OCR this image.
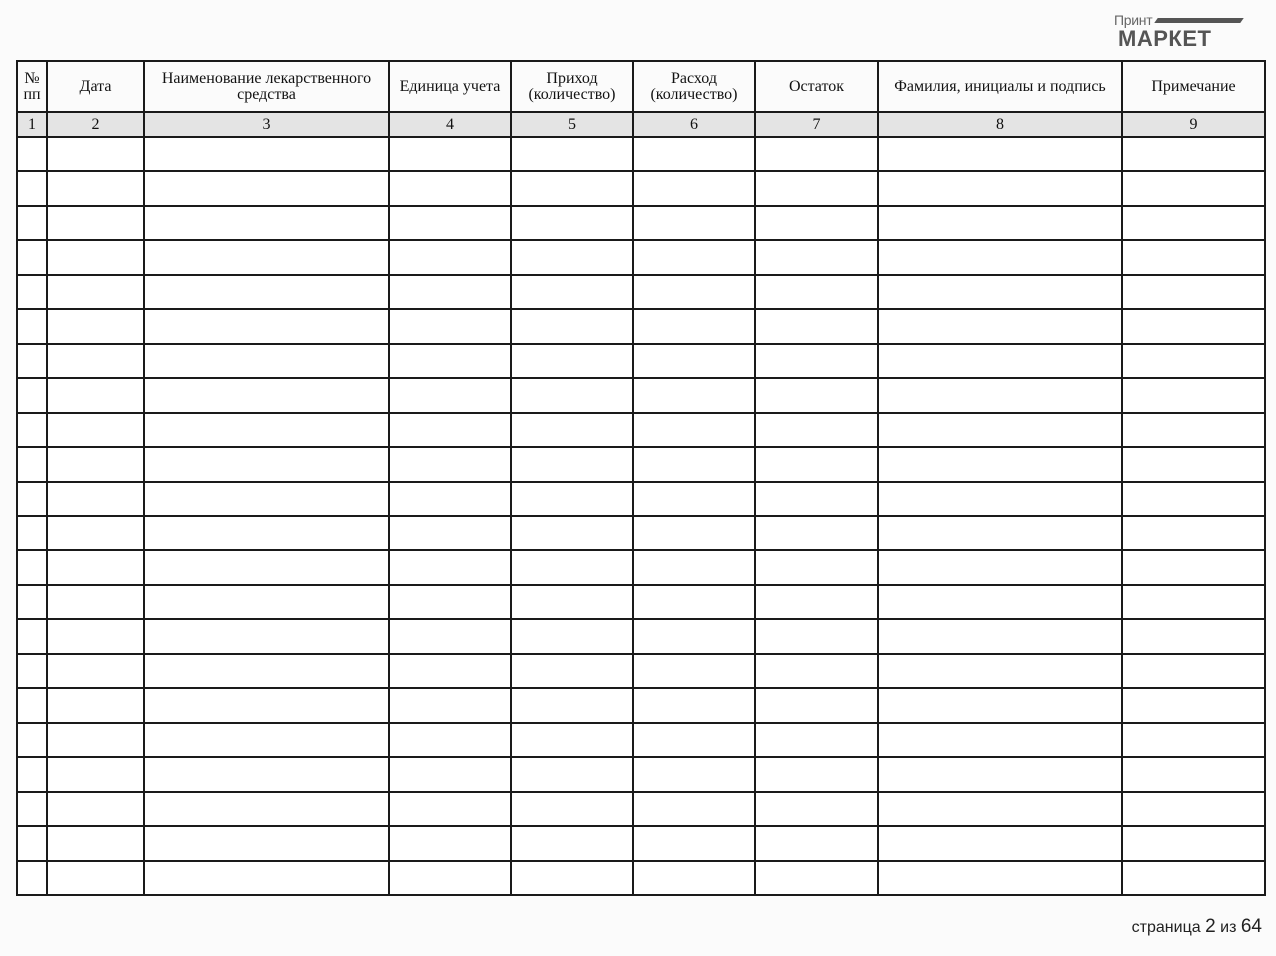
Принт
МАРКЕТ
№ пп	Дата	Наименование лекарственного средства	Единица учета	Приход (количество)	Расход (количество)	Остаток	Фамилия, инициалы и подпись	Примечание
1	2	3	4	5	6	7	8	9

страница 2 из 64
